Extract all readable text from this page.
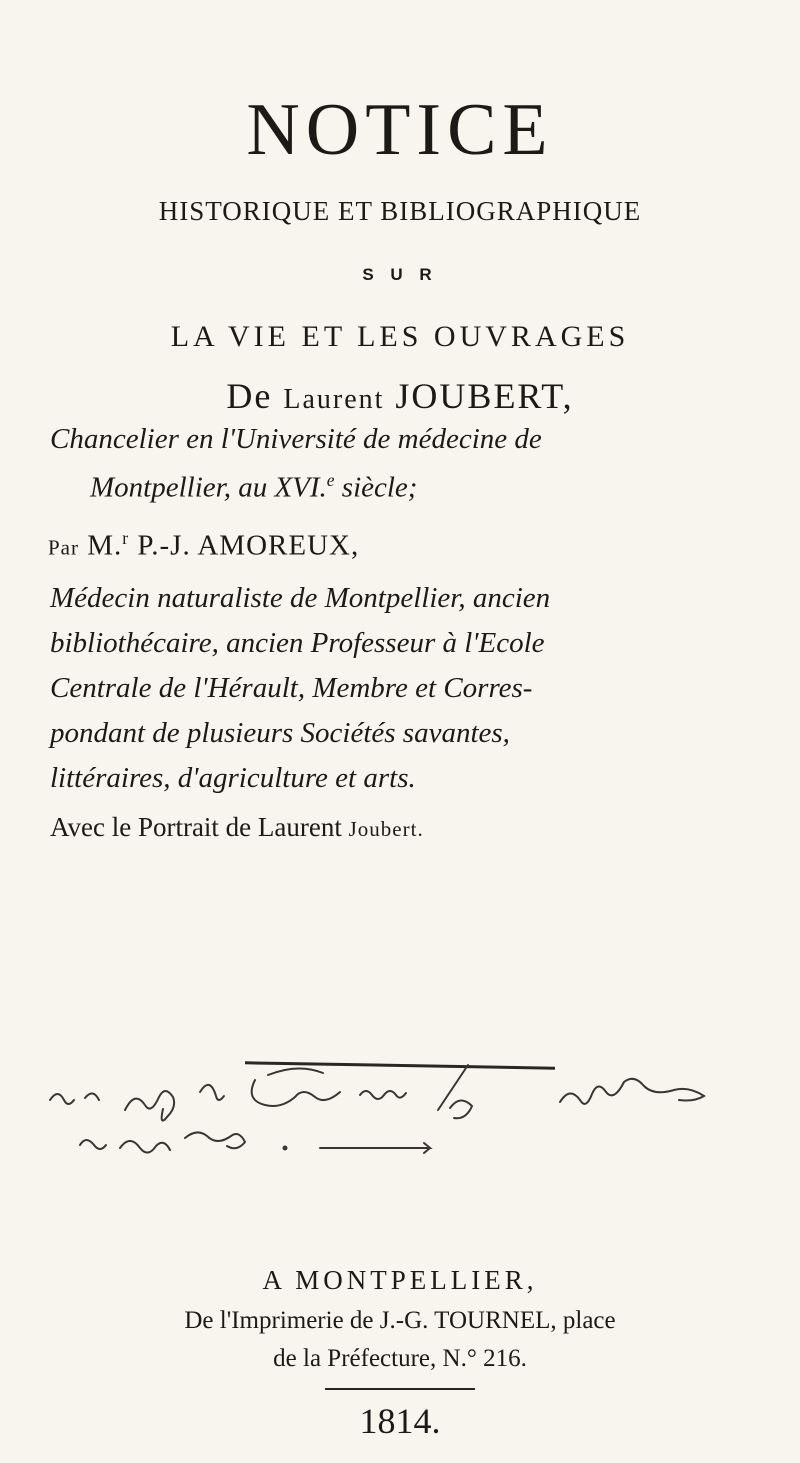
NOTICE
HISTORIQUE ET BIBLIOGRAPHIQUE
S U R
LA VIE ET LES OUVRAGES
De Laurent JOUBERT,
Chancelier en l'Université de médecine de
Montpellier, au XVI.$^e$ siècle;
Par M.$^r$ P.-J. AMOREUX,
Médecin naturaliste de Montpellier, ancien
bibliothécaire, ancien Professeur à l'Ecole
Centrale de l'Hérault, Membre et Corres-
pondant de plusieurs Sociétés savantes,
littéraires, d'agriculture et arts.
Avec le Portrait de Laurent Joubert.
A MONTPELLIER,
De l'Imprimerie de J.-G. TOURNEL, place
de la Préfecture, N.° 216.
1814.
